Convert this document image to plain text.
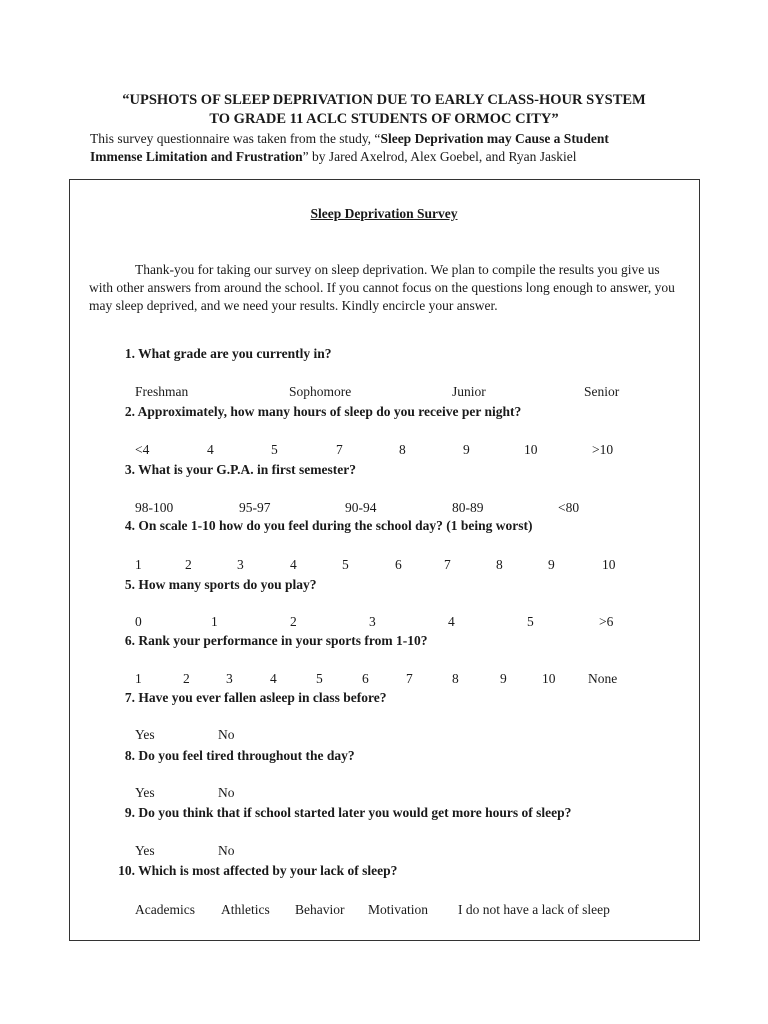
“UPSHOTS OF SLEEP DEPRIVATION DUE TO EARLY CLASS-HOUR SYSTEM
TO GRADE 11 ACLC STUDENTS OF ORMOC CITY”
This survey questionnaire was taken from the study, “Sleep Deprivation may Cause a Student
Immense Limitation and Frustration” by Jared Axelrod, Alex Goebel, and Ryan Jaskiel
Sleep Deprivation Survey
Thank-you for taking our survey on sleep deprivation. We plan to compile the results you give us with other answers from around the school. If you cannot focus on the questions long enough to answer, you may sleep deprived, and we need your results. Kindly encircle your answer.
1. What grade are you currently in?
Freshman	Sophomore	Junior	Senior
2. Approximately, how many hours of sleep do you receive per night?
<4	4	5	7	8	9	10	>10
3. What is your G.P.A. in first semester?
98-100	95-97	90-94	80-89	<80
4. On scale 1-10 how do you feel during the school day? (1 being worst)
1	2	3	4	5	6	7	8	9	10
5. How many sports do you play?
0	1	2	3	4	5	>6
6. Rank your performance in your sports from 1-10?
1	2	3	4	5	6	7	8	9	10 None
7. Have you ever fallen asleep in class before?
Yes	No
8. Do you feel tired throughout the day?
Yes	No
9. Do you think that if school started later you would get more hours of sleep?
Yes	No
10. Which is most affected by your lack of sleep?
Academics Athletics Behavior Motivation I do not have a lack of sleep
